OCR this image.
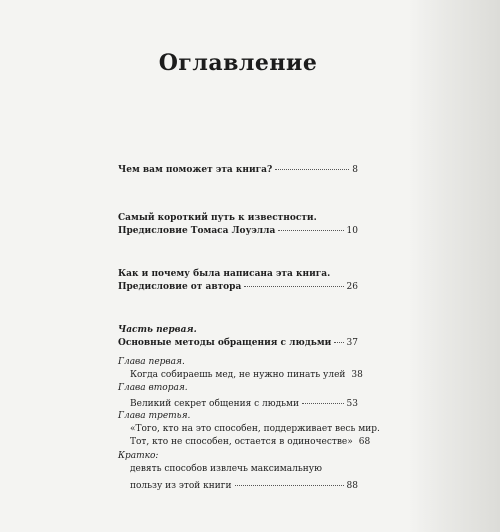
Оглавление
Чем вам поможет эта книга?	8
Самый короткий путь к известности.
Предисловие Томаса Лоуэлла	10
Как и почему была написана эта книга.
Предисловие от автора	26
Часть первая.
Основные методы обращения с людьми 37
Глава первая.
Когда собираешь мед, не нужно пинать улей 38
Глава вторая.
Великий секрет общения с людьми	53
Глава третья.
«Того, кто на это способен, поддерживает весь мир.
Тот, кто не способен, остается в одиночестве» 68
Кратко:
девять способов извлечь максимальную
пользу из этой книги	88
